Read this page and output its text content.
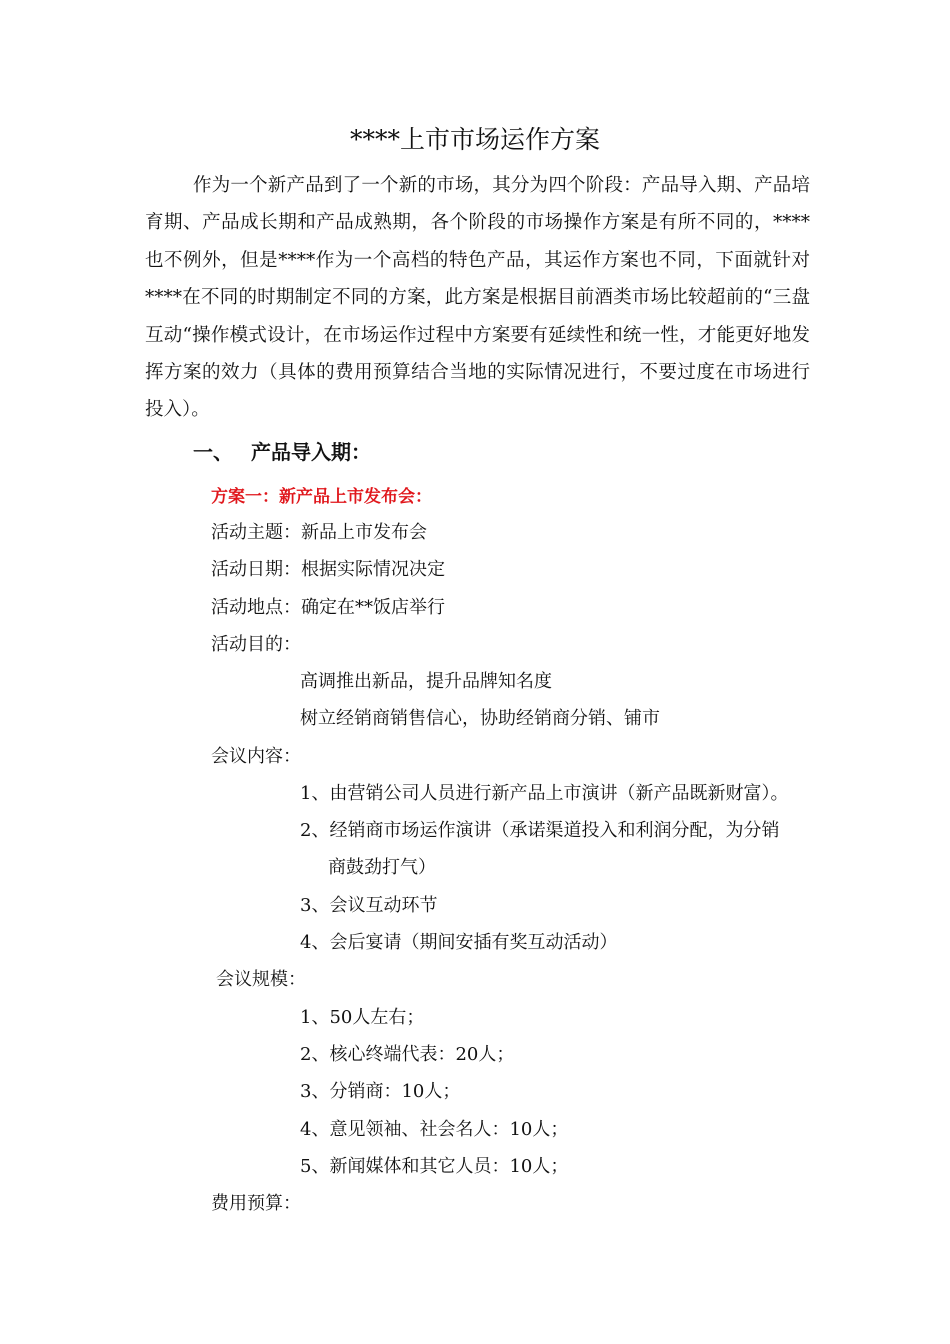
****上市市场运作方案

作为一个新产品到了一个新的市场，其分为四个阶段：产品导入期、产品培育期、产品成长期和产品成熟期，各个阶段的市场操作方案是有所不同的，****也不例外，但是****作为一个高档的特色产品，其运作方案也不同，下面就针对****在不同的时期制定不同的方案，此方案是根据目前酒类市场比较超前的“三盘互动“操作模式设计，在市场运作过程中方案要有延续性和统一性，才能更好地发挥方案的效力（具体的费用预算结合当地的实际情况进行，不要过度在市场进行投入）。

一、 产品导入期：
方案一：新产品上市发布会：
活动主题：新品上市发布会
活动日期：根据实际情况决定
活动地点：确定在**饭店举行
活动目的：
高调推出新品，提升品牌知名度
树立经销商销售信心，协助经销商分销、铺市
会议内容：
1、由营销公司人员进行新产品上市演讲（新产品既新财富）。
2、经销商市场运作演讲（承诺渠道投入和利润分配，为分销
商鼓劲打气）
3、会议互动环节
4、会后宴请（期间安插有奖互动活动）
会议规模：
1、50人左右；
2、核心终端代表：20人；
3、分销商：10人；
4、意见领袖、社会名人：10人；
5、新闻媒体和其它人员：10人；
费用预算：
